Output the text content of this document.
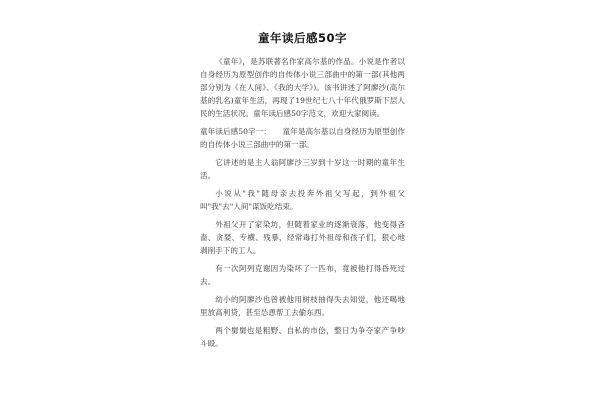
童年读后感50字

《童年》，是苏联著名作家高尔基的作品。小说是作者以自身经历为原型创作的自传体小说三部曲中的第一部(其他两部分别为《在人间》、《我的大学》)。该书讲述了阿廖沙(高尔基的乳名)童年生活，再现了19世纪七八十年代俄罗斯下层人民的生活状况。童年读后感50字范文，欢迎大家阅读。

童年读后感50字一：　　童年是高尔基以自身经历为原型创作的自传体小说三部曲中的第一部。

它讲述的是主人翁阿廖沙三岁到十岁这一时期的童年生活。

小说从"我"随母亲去投奔外祖父写起，到外祖父叫"我"去"人间"谋饭吃结束。

外祖父开了家染坊，但随着家业的逐渐衰落，他变得吝啬、贪婪、专横、残暴，经常毒打外祖母和孩子们，狠心地剥削手下的工人。

有一次阿列克谢因为染坏了一匹布，竟被他打得昏死过去。

幼小的阿廖沙也曾被他用树枝抽得失去知觉，他还喝地里放高利贷，甚至怂恿帮工去偷东西。

两个舅舅也是粗野、自私的市侩，整日为争夺家产争吵斗殴。
